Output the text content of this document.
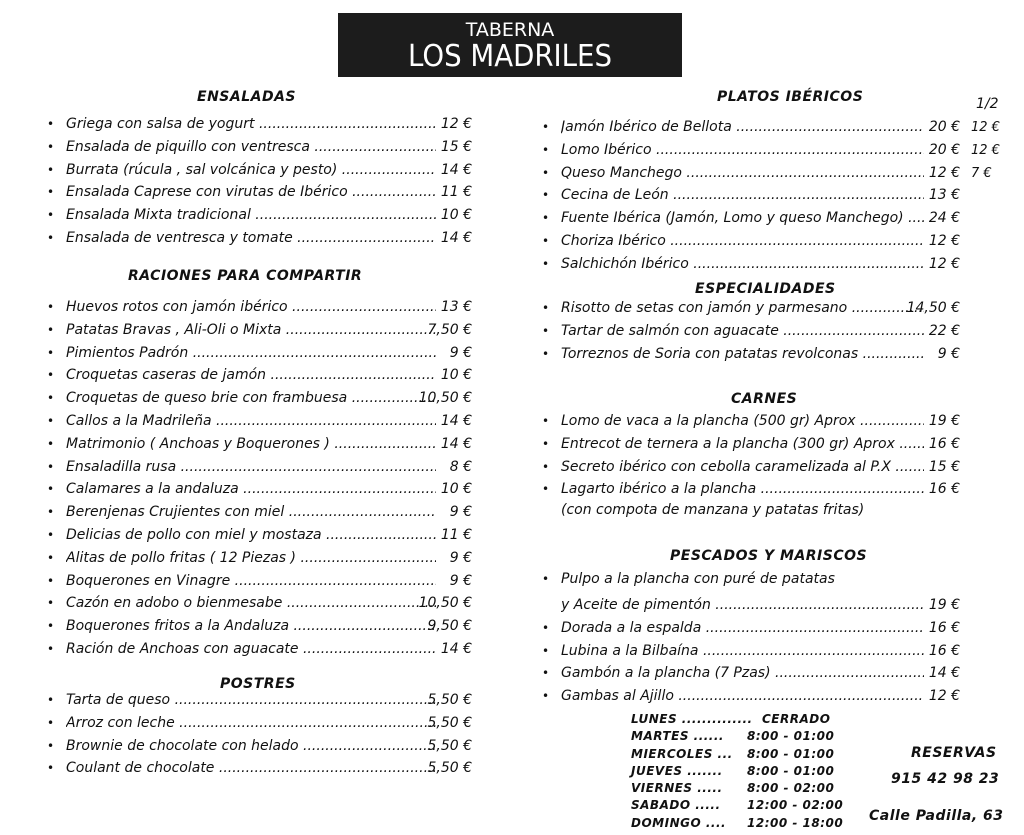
TABERNA
LOS MADRILES
ENSALADAS
• Griega con salsa de yogurt .....	12 €
• Ensalada de piquillo con ventresca .....	15 €
• Burrata (rúcula , sal volcánica y pesto) .....	14 €
• Ensalada Caprese con virutas de Ibérico .....	11 €
• Ensalada Mixta tradicional .....	10 €
• Ensalada de ventresca y tomate .....	14 €
RACIONES PARA COMPARTIR
• Huevos rotos con jamón ibérico .....	13 €
• Patatas Bravas , Ali-Oli o Mixta .....	7,50 €
• Pimientos Padrón .....	9 €
• Croquetas caseras de jamón .....	10 €
• Croquetas de queso brie con frambuesa .....	10,50 €
• Callos a la Madrileña .....	14 €
• Matrimonio ( Anchoas y Boquerones ) .....	14 €
• Ensaladilla rusa .....	8 €
• Calamares a la andaluza .....	10 €
• Berenjenas Crujientes con miel .....	9 €
• Delicias de pollo con miel y mostaza .....	11 €
• Alitas de pollo fritas ( 12 Piezas ) .....	9 €
• Boquerones en Vinagre .....	9 €
• Cazón en adobo o bienmesabe .....	10,50 €
• Boquerones fritos a la Andaluza .....	9,50 €
• Ración de Anchoas con aguacate .....	14 €
POSTRES
• Tarta de queso .....	5,50 €
• Arroz con leche .....	5,50 €
• Brownie de chocolate con helado .....	5,50 €
• Coulant de chocolate .....	5,50 €
PLATOS IBÉRICOS	1/2
• Jamón Ibérico de Bellota .....	20 € 12 €
• Lomo Ibérico .....	20 € 12 €
• Queso Manchego .....	12 € 7 €
• Cecina de León .....	13 €
• Fuente Ibérica (Jamón, Lomo y queso Manchego) .....	24 €
• Choriza Ibérico .....	12 €
• Salchichón Ibérico .....	12 €
ESPECIALIDADES
• Risotto de setas con jamón y parmesano .....	14,50 €
• Tartar de salmón con aguacate .....	22 €
• Torreznos de Soria con patatas revolconas .....	9 €
CARNES
• Lomo de vaca a la plancha (500 gr) Aprox .....	19 €
• Entrecot de ternera a la plancha (300 gr) Aprox .....	16 €
• Secreto ibérico con cebolla caramelizada al P.X .....	15 €
• Lagarto ibérico a la plancha .....	16 €
(con compota de manzana y patatas fritas)
PESCADOS Y MARISCOS
• Pulpo a la plancha con puré de patatas
y Aceite de pimentón .....	19 €
• Dorada a la espalda .....	16 €
• Lubina a la Bilbaína .....	16 €
• Gambón a la plancha (7 Pzas) .....	14 €
• Gambas al Ajillo .....	12 €
LUNES .............. CERRADO
MARTES ...... 8:00 - 01:00
MIERCOLES ... 8:00 - 01:00
JUEVES ....... 8:00 - 01:00
VIERNES ..... 8:00 - 02:00
SABADO ..... 12:00 - 02:00
DOMINGO .... 12:00 - 18:00
RESERVAS
915 42 98 23
Calle Padilla, 63
